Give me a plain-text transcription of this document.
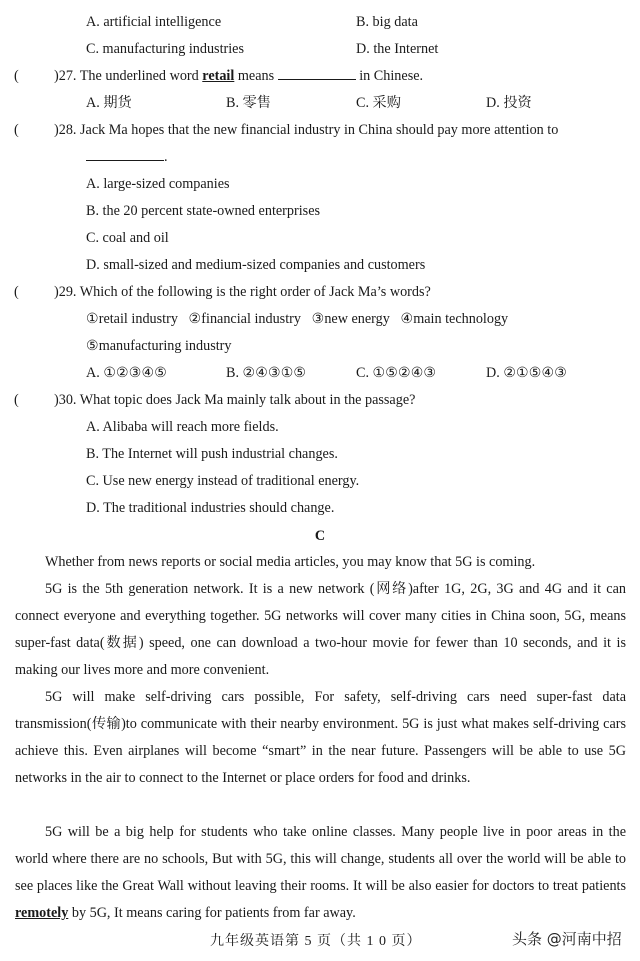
A. artificial intelligence	B. big data
C. manufacturing industries	D. the Internet
( )27. The underlined word retail means	in Chinese.
A. 期货	B. 零售	C. 采购	D. 投资
( )28. Jack Ma hopes that the new financial industry in China should pay more attention to
.
A. large-sized companies
B. the 20 percent state-owned enterprises
C. coal and oil
D. small-sized and medium-sized companies and customers
( )29. Which of the following is the right order of Jack Ma’s words?
①retail industry   ②financial industry   ③new energy   ④main technology
⑤manufacturing industry
A. ①②③④⑤	B. ②④③①⑤	C. ①⑤②④③	D. ②①⑤④③
( )30. What topic does Jack Ma mainly talk about in the passage?
A. Alibaba will reach more fields.
B. The Internet will push industrial changes.
C. Use new energy instead of traditional energy.
D. The traditional industries should change.
C
Whether from news reports or social media articles, you may know that 5G is coming.
5G is the 5th generation network. It is a new network (网络)after 1G, 2G, 3G and 4G and it can connect everyone and everything together. 5G networks will cover many cities in China soon, 5G, means super-fast data(数据) speed, one can download a two-hour movie for fewer than 10 seconds, and it is making our lives more and more convenient.
5G will make self-driving cars possible, For safety, self-driving cars need super-fast data transmission(传输)to communicate with their nearby environment. 5G is just what makes self-driving cars achieve this. Even airplanes will become “smart” in the near future. Passengers will be able to use 5G networks in the air to connect to the Internet or place orders for food and drinks.
5G will be a big help for students who take online classes. Many people live in poor areas in the world where there are no schools, But with 5G, this will change, students all over the world will be able to see places like the Great Wall without leaving their rooms. It will be also easier for doctors to treat patients remotely by 5G, It means caring for patients from far away.
九年级英语第 5 页（共 1 0 页）	头条 @河南中招
